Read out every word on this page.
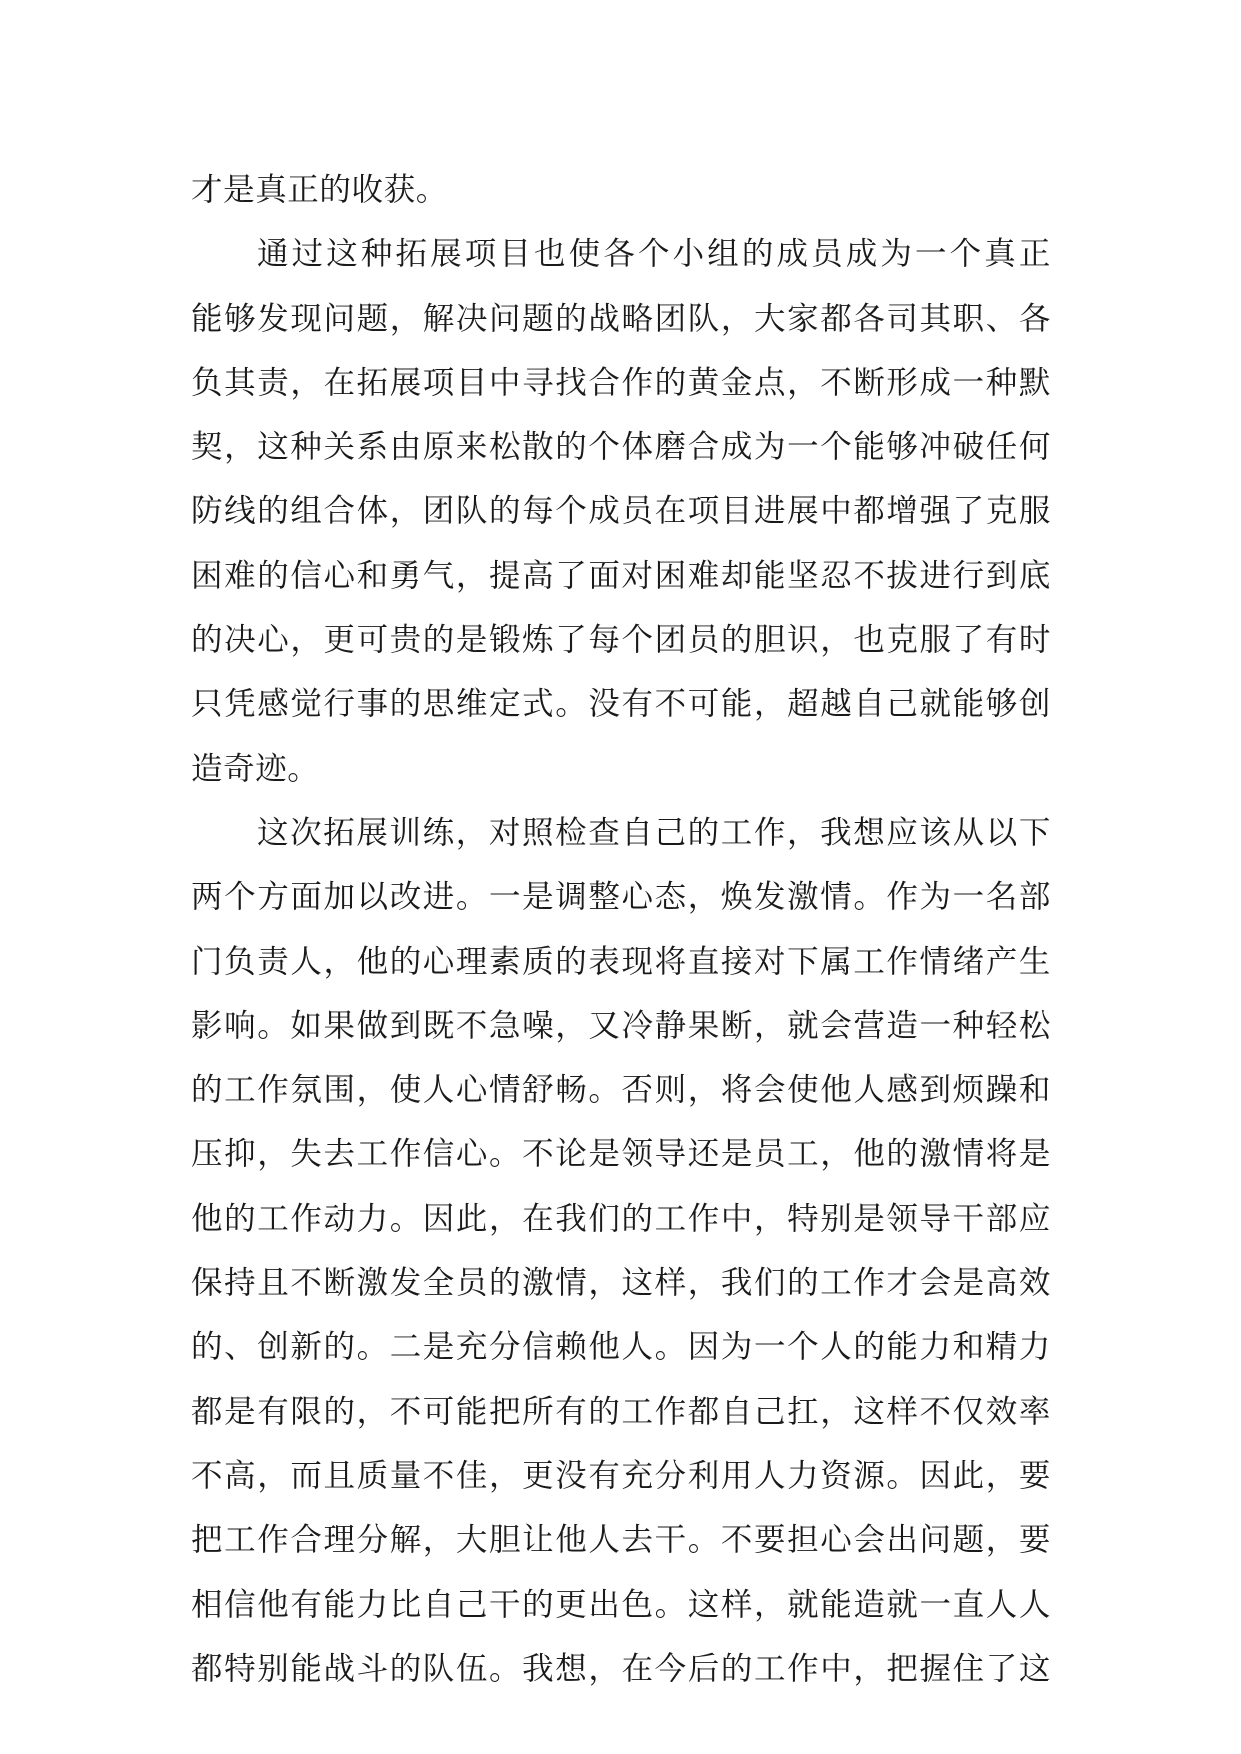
才是真正的收获。
通过这种拓展项目也使各个小组的成员成为一个真正
能够发现问题，解决问题的战略团队，大家都各司其职、各
负其责，在拓展项目中寻找合作的黄金点，不断形成一种默
契，这种关系由原来松散的个体磨合成为一个能够冲破任何
防线的组合体，团队的每个成员在项目进展中都增强了克服
困难的信心和勇气，提高了面对困难却能坚忍不拔进行到底
的决心，更可贵的是锻炼了每个团员的胆识，也克服了有时
只凭感觉行事的思维定式。没有不可能，超越自己就能够创
造奇迹。
这次拓展训练，对照检查自己的工作，我想应该从以下
两个方面加以改进。一是调整心态，焕发激情。作为一名部
门负责人，他的心理素质的表现将直接对下属工作情绪产生
影响。如果做到既不急噪，又冷静果断，就会营造一种轻松
的工作氛围，使人心情舒畅。否则，将会使他人感到烦躁和
压抑，失去工作信心。不论是领导还是员工，他的激情将是
他的工作动力。因此，在我们的工作中，特别是领导干部应
保持且不断激发全员的激情，这样，我们的工作才会是高效
的、创新的。二是充分信赖他人。因为一个人的能力和精力
都是有限的，不可能把所有的工作都自己扛，这样不仅效率
不高，而且质量不佳，更没有充分利用人力资源。因此，要
把工作合理分解，大胆让他人去干。不要担心会出问题，要
相信他有能力比自己干的更出色。这样，就能造就一直人人
都特别能战斗的队伍。我想，在今后的工作中，把握住了这
